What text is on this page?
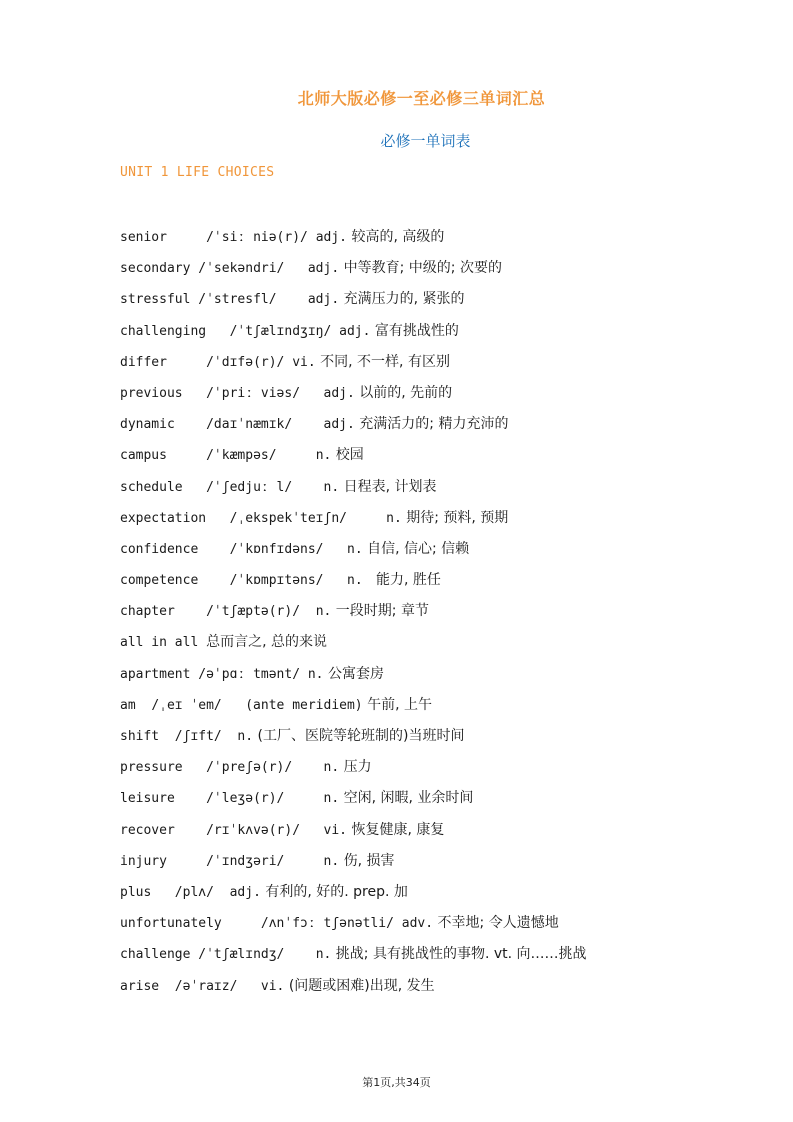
北师大版必修一至必修三单词汇总
必修一单词表
UNIT 1 LIFE CHOICES
senior	/ˈsiː niə(r)/ adj. 较高的, 高级的
secondary /ˈsekəndri/   adj. 中等教育; 中级的; 次要的
stressful /ˈstresfl/    adj. 充满压力的, 紧张的
challenging /ˈtʃælɪndʒɪŋ/ adj. 富有挑战性的
differ	/ˈdɪfə(r)/ vi. 不同, 不一样, 有区别
previous /ˈpriː viəs/   adj. 以前的, 先前的
dynamic /daɪˈnæmɪk/    adj. 充满活力的; 精力充沛的
campus	/ˈkæmpəs/     n. 校园
schedule /ˈʃedjuː l/    n. 日程表, 计划表
expectation /ˌekspekˈteɪʃn/     n. 期待; 预料, 预期
confidence /ˈkɒnfɪdəns/   n. 自信, 信心; 信赖
competence /ˈkɒmpɪtəns/   n.   能力, 胜任
chapter /ˈtʃæptə(r)/  n. 一段时期; 章节
all in all 总而言之, 总的来说
apartment /əˈpɑː tmənt/ n. 公寓套房
am /ˌeɪ ˈem/   (ante meridiem) 午前, 上午
shift /ʃɪft/  n. (工厂、医院等轮班制的)当班时间
pressure /ˈpreʃə(r)/    n. 压力
leisure /ˈleʒə(r)/     n. 空闲, 闲暇, 业余时间
recover /rɪˈkʌvə(r)/   vi. 恢复健康, 康复
injury	/ˈɪndʒəri/     n. 伤, 损害
plus /plʌ/  adj. 有利的, 好的. prep. 加
unfortunately	/ʌnˈfɔː tʃənətli/ adv. 不幸地; 令人遗憾地
challenge /ˈtʃælɪndʒ/    n. 挑战; 具有挑战性的事物. vt. 向……挑战
arise /əˈraɪz/   vi. (问题或困难)出现, 发生
第1页,共34页
